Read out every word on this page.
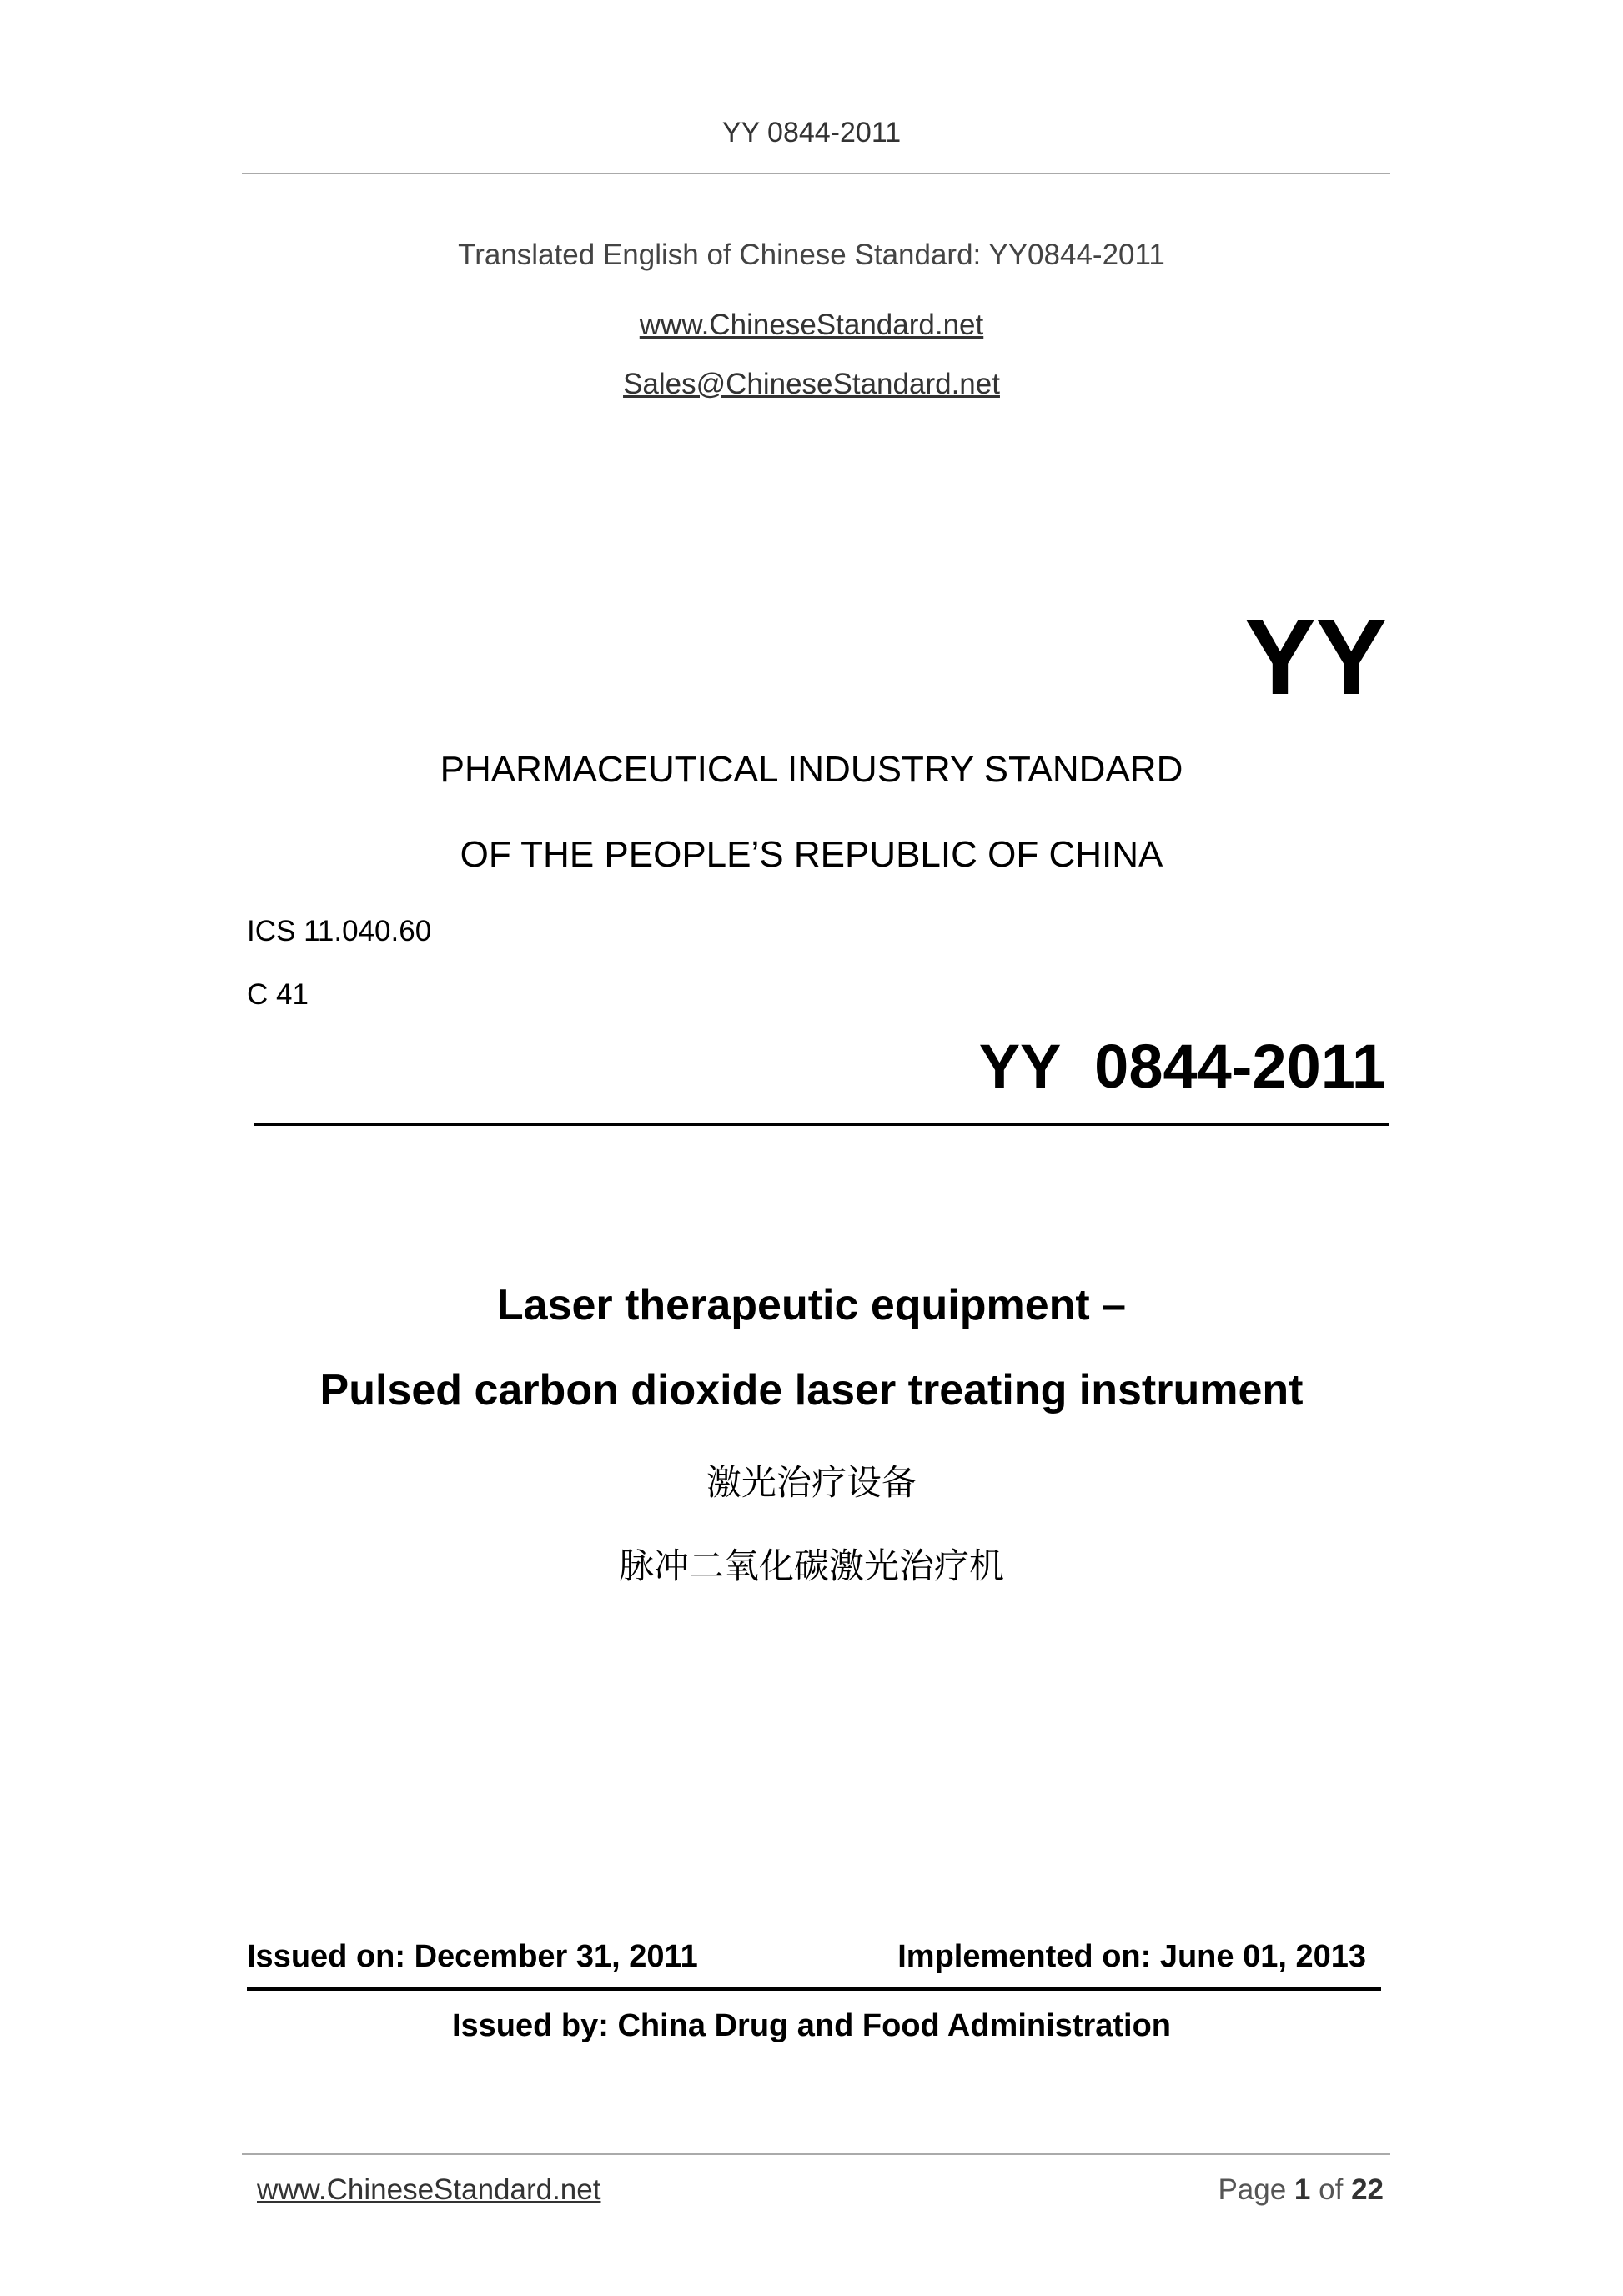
YY 0844-2011
Translated English of Chinese Standard: YY0844-2011
www.ChineseStandard.net
Sales@ChineseStandard.net
YY
PHARMACEUTICAL INDUSTRY STANDARD
OF THE PEOPLE’S REPUBLIC OF CHINA
ICS 11.040.60
C 41
YY  0844-2011
Laser therapeutic equipment –
Pulsed carbon dioxide laser treating instrument
激光治疗设备
脉冲二氧化碳激光治疗机
Issued on: December 31, 2011	Implemented on: June 01, 2013
Issued by: China Drug and Food Administration
www.ChineseStandard.net	Page 1 of 22
